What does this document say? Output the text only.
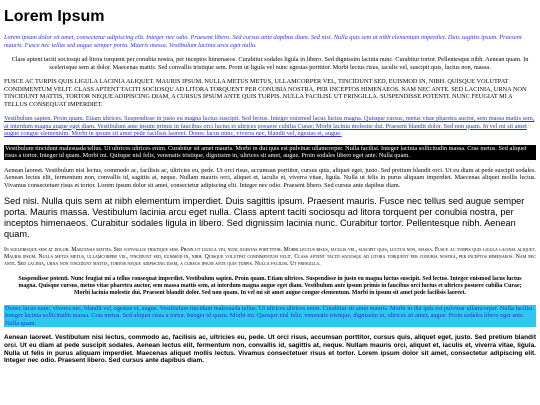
Lorem Ipsum

Lorem ipsum dolor sit amet, consectetur adipiscing elit. Integer nec odio. Praesent libero. Sed cursus ante dapibus diam. Sed nisi. Nulla quis sem at nibh elementum imperdiet. Duis sagittis ipsum. Praesent mauris. Fusce nec tellus sed augue semper porta. Mauris massa. Vestibulum lacinia arcu eget nulla.

Class aptent taciti sociosqu ad litora torquent per conubia nostra, per inceptos himenaeos. Curabitur sodales ligula in libero. Sed dignissim lacinia nunc. Curabitur tortor. Pellentesque nibh. Aenean quam. In scelerisque sem at dolor. Maecenas mattis. Sed convallis tristique sem. Proin ut ligula vel nunc egestas porttitor. Morbi lectus risus, iaculis vel, suscipit quis, luctus non, massa.

FUSCE AC TURPIS QUIS LIGULA LACINIA ALIQUET. MAURIS IPSUM. NULLA METUS METUS, ULLAMCORPER VEL, TINCIDUNT SED, EUISMOD IN, NIBH. QUISQUE VOLUTPAT CONDIMENTUM VELIT. CLASS APTENT TACITI SOCIOSQU AD LITORA TORQUENT PER CONUBIA NOSTRA, PER INCEPTOS HIMENAEOS. NAM NEC ANTE. SED LACINIA, URNA NON TINCIDUNT MATTIS, TORTOR NEQUE ADIPISCING DIAM, A CURSUS IPSUM ANTE QUIS TURPIS. NULLA FACILISI. UT FRINGILLA. SUSPENDISSE POTENTI. NUNC FEUGIAT MI A TELLUS CONSEQUAT IMPERDIET.

Vestibulum sapien. Proin quam. Etiam ultrices. Suspendisse in justo eu magna luctus suscipit. Sed lectus. Integer euismod lacus luctus magna. Quisque cursus, metus vitae pharetra auctor, sem massa mattis sem, at interdum magna augue eget diam. Vestibulum ante ipsum primis in faucibus orci luctus et ultrices posuere cubilia Curae; Morbi lacinia molestie dui. Praesent blandit dolor. Sed non quam. In vel mi sit amet augue congue elementum. Morbi in ipsum sit amet pede facilisis laoreet. Donec lacus nunc, viverra nec, blandit vel, egestas et, augue.

Vestibulum tincidunt malesuada tellus. Ut ultrices ultrices enim. Curabitur sit amet mauris. Morbi in dui quis est pulvinar ullamcorper. Nulla facilisi. Integer lacinia sollicitudin massa. Cras metus. Sed aliquet risus a tortor. Integer id quam. Morbi mi. Quisque nisl felis, venenatis tristique, dignissim in, ultrices sit amet, augue. Proin sodales libero eget ante. Nulla quam.

Aenean laoreet. Vestibulum nisi lectus, commodo ac, facilisis ac, ultricies eu, pede. Ut orci risus, accumsan porttitor, cursus quis, aliquet eget, justo. Sed pretium blandit orci. Ut eu diam at pede suscipit sodales. Aenean lectus elit, fermentum non, convallis id, sagittis at, neque. Nullam mauris orci, aliquet et, iaculis et, viverra vitae, ligula. Nulla ut felis in purus aliquam imperdiet. Maecenas aliquet mollis lectus. Vivamus consectetuer risus et tortor. Lorem ipsum dolor sit amet, consectetur adipiscing elit. Integer nec odio. Praesent libero. Sed cursus ante dapibus diam.

Sed nisi. Nulla quis sem at nibh elementum imperdiet. Duis sagittis ipsum. Praesent mauris. Fusce nec tellus sed augue semper porta. Mauris massa. Vestibulum lacinia arcu eget nulla. Class aptent taciti sociosqu ad litora torquent per conubia nostra, per inceptos himenaeos. Curabitur sodales ligula in libero. Sed dignissim lacinia nunc. Curabitur tortor. Pellentesque nibh. Aenean quam.

In scelerisque sem at dolor. Maecenas mattis. Sed convallis tristique sem. Proin ut ligula vel nunc egestas porttitor. Morbi lectus risus, iaculis vel, suscipit quis, luctus non, massa. Fusce ac turpis quis ligula lacinia aliquet. Mauris ipsum. Nulla metus metus, ullamcorper vel, tincidunt sed, euismod in, nibh. Quisque volutpat condimentum velit. Class aptent taciti sociosqu ad litora torquent per conubia nostra, per inceptos himenaeos. Nam nec ante. Sed lacinia, urna non tincidunt mattis, tortor neque adipiscing diam, a cursus ipsum ante quis turpis. Nulla facilisi. Ut fringilla.

Suspendisse potenti. Nunc feugiat mi a tellus consequat imperdiet. Vestibulum sapien. Proin quam. Etiam ultrices. Suspendisse in justo eu magna luctus suscipit. Sed lectus. Integer euismod lacus luctus magna. Quisque cursus, metus vitae pharetra auctor, sem massa mattis sem, at interdum magna augue eget diam. Vestibulum ante ipsum primis in faucibus orci luctus et ultrices posuere cubilia Curae; Morbi lacinia molestie dui. Praesent blandit dolor. Sed non quam. In vel mi sit amet augue congue elementum. Morbi in ipsum sit amet pede facilisis laoreet.

Donec lacus nunc, viverra nec, blandit vel, egestas et, augue. Vestibulum tincidunt malesuada tellus. Ut ultrices ultrices enim. Curabitur sit amet mauris. Morbi in dui quis est pulvinar ullamcorper. Nulla facilisi. Integer lacinia sollicitudin massa. Cras metus. Sed aliquet risus a tortor. Integer id quam. Morbi mi. Quisque nisl felis, venenatis tristique, dignissim in, ultrices sit amet, augue. Proin sodales libero eget ante. Nulla quam.

Aenean laoreet. Vestibulum nisi lectus, commodo ac, facilisis ac, ultricies eu, pede. Ut orci risus, accumsan porttitor, cursus quis, aliquet eget, justo. Sed pretium blandit orci. Ut eu diam at pede suscipit sodales. Aenean lectus elit, fermentum non, convallis id, sagittis at, neque. Nullam mauris orci, aliquet et, iaculis et, viverra vitae, ligula. Nulla ut felis in purus aliquam imperdiet. Maecenas aliquet mollis lectus. Vivamus consectetuer risus et tortor. Lorem ipsum dolor sit amet, consectetur adipiscing elit. Integer nec odio. Praesent libero. Sed cursus ante dapibus diam.
